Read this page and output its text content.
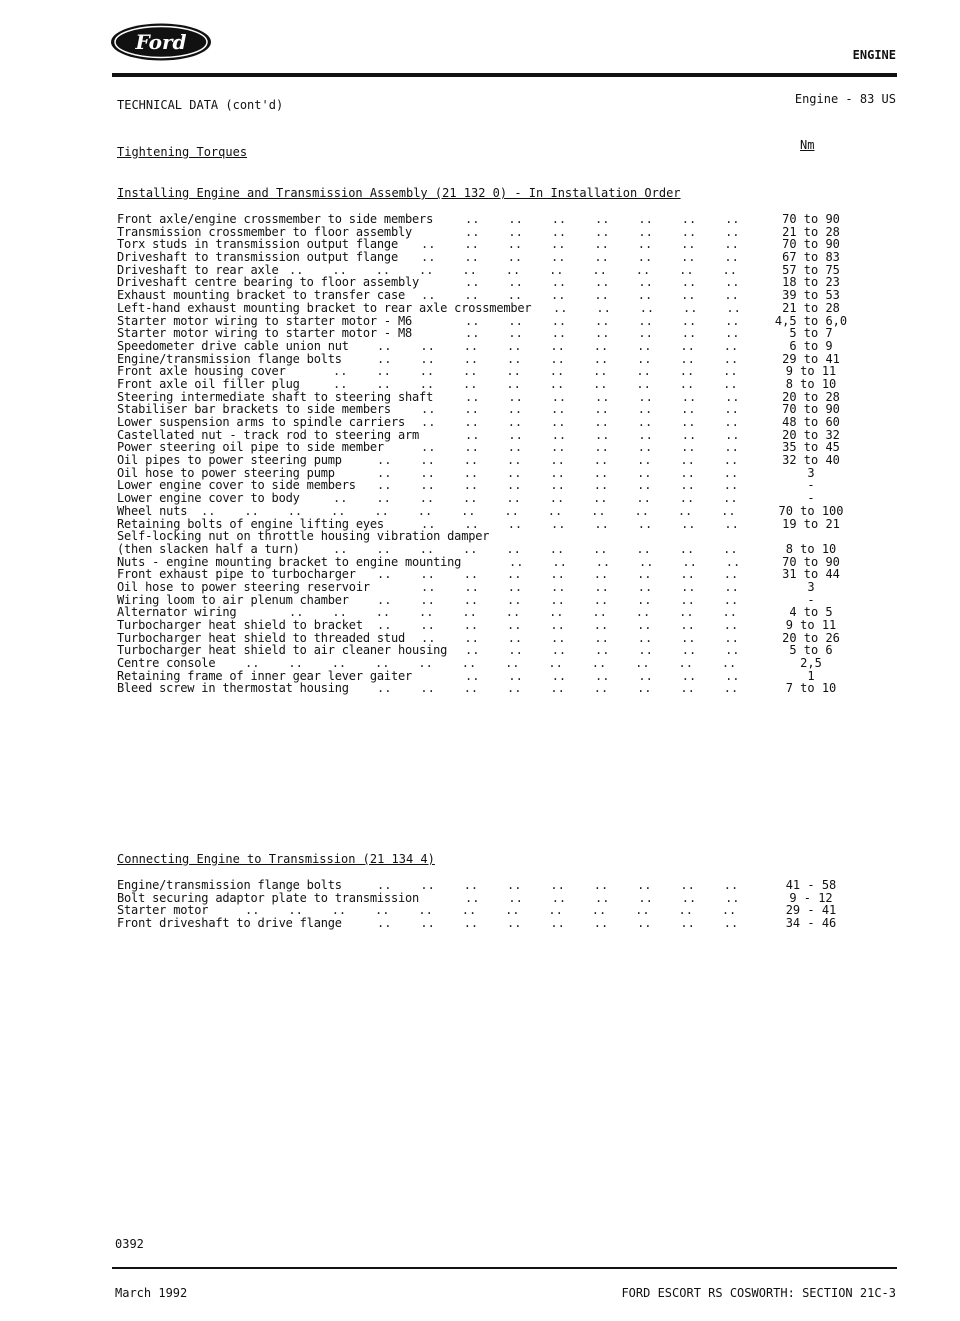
Ford
ENGINE
TECHNICAL DATA (cont'd)	Engine - 83 US
Tightening Torques	Nm
Installing Engine and Transmission Assembly (21 132 0) - In Installation Order
Front axle/engine crossmember to side members	..    ..    ..    ..    ..    ..    ..	70 to 90
Transmission crossmember to floor assembly	..    ..    ..    ..    ..    ..    ..	21 to 28
Torx studs in transmission output flange ..    ..    ..    ..    ..    ..    ..    ..	70 to 90
Driveshaft to transmission output flange ..    ..    ..    ..    ..    ..    ..    ..	67 to 83
Driveshaft to rear axle ..    ..    ..    ..    ..    ..    ..    ..    ..    ..    ..	57 to 75
Driveshaft centre bearing to floor assembly	..    ..    ..    ..    ..    ..    ..	18 to 23
Exhaust mounting bracket to transfer case ..    ..    ..    ..    ..    ..    ..    ..	39 to 53
Left-hand exhaust mounting bracket to rear axle crossmember ..    ..    ..    ..    ..	21 to 28
Starter motor wiring to starter motor - M6	..    ..    ..    ..    ..    ..    ..	4,5 to 6,0
Starter motor wiring to starter motor - M8	..    ..    ..    ..    ..    ..    ..	5 to 7
Speedometer drive cable union nut ..    ..    ..    ..    ..    ..    ..    ..    ..	6 to 9
Engine/transmission flange bolts	..    ..    ..    ..    ..    ..    ..    ..    ..	29 to 41
Front axle housing cover	..    ..    ..    ..    ..    ..    ..    ..    ..    ..	9 to 11
Front axle oil filler plug	..    ..    ..    ..    ..    ..    ..    ..    ..    ..	8 to 10
Steering intermediate shaft to steering shaft	..    ..    ..    ..    ..    ..    ..	20 to 28
Stabiliser bar brackets to side members	..    ..    ..    ..    ..    ..    ..    ..	70 to 90
Lower suspension arms to spindle carriers ..    ..    ..    ..    ..    ..    ..    ..	48 to 60
Castellated nut - track rod to steering arm	..    ..    ..    ..    ..    ..    ..	20 to 32
Power steering oil pipe to side member	..    ..    ..    ..    ..    ..    ..    ..	35 to 45
Oil pipes to power steering pump	..    ..    ..    ..    ..    ..    ..    ..    ..	32 to 40
Oil hose to power steering pump	..    ..    ..    ..    ..    ..    ..    ..    ..	3
Lower engine cover to side members ..    ..    ..    ..    ..    ..    ..    ..    ..	-
Lower engine cover to body	..    ..    ..    ..    ..    ..    ..    ..    ..    ..	-
Wheel nuts ..    ..    ..    ..    ..    ..    ..    ..    ..    ..    ..    ..    ..	70 to 100
Retaining bolts of engine lifting eyes	..    ..    ..    ..    ..    ..    ..    ..	19 to 21
Self-locking nut on throttle housing vibration damper
(then slacken half a turn)	..    ..    ..    ..    ..    ..    ..    ..    ..    ..	8 to 10
Nuts - engine mounting bracket to engine mounting	..    ..    ..    ..    ..    ..	70 to 90
Front exhaust pipe to turbocharger ..    ..    ..    ..    ..    ..    ..    ..    ..	31 to 44
Oil hose to power steering reservoir	..    ..    ..    ..    ..    ..    ..    ..	3
Wiring loom to air plenum chamber ..    ..    ..    ..    ..    ..    ..    ..    ..	-
Alternator wiring	..    ..    ..    ..    ..    ..    ..    ..    ..    ..    ..	4 to 5
Turbocharger heat shield to bracket ..    ..    ..    ..    ..    ..    ..    ..    ..	9 to 11
Turbocharger heat shield to threaded stud ..    ..    ..    ..    ..    ..    ..    ..	20 to 26
Turbocharger heat shield to air cleaner housing ..    ..    ..    ..    ..    ..    ..	5 to 6
Centre console ..    ..    ..    ..    ..    ..    ..    ..    ..    ..    ..    ..	2,5
Retaining frame of inner gear lever gaiter	..    ..    ..    ..    ..    ..    ..	1
Bleed screw in thermostat housing ..    ..    ..    ..    ..    ..    ..    ..    ..	7 to 10
Connecting Engine to Transmission (21 134 4)
Engine/transmission flange bolts	..    ..    ..    ..    ..    ..    ..    ..    ..	41 - 58
Bolt securing adaptor plate to transmission	..    ..    ..    ..    ..    ..    ..	9 - 12
Starter motor	..    ..    ..    ..    ..    ..    ..    ..    ..    ..    ..    ..	29 - 41
Front driveshaft to drive flange	..    ..    ..    ..    ..    ..    ..    ..    ..	34 - 46
0392
March 1992	FORD ESCORT RS COSWORTH: SECTION 21C-3
